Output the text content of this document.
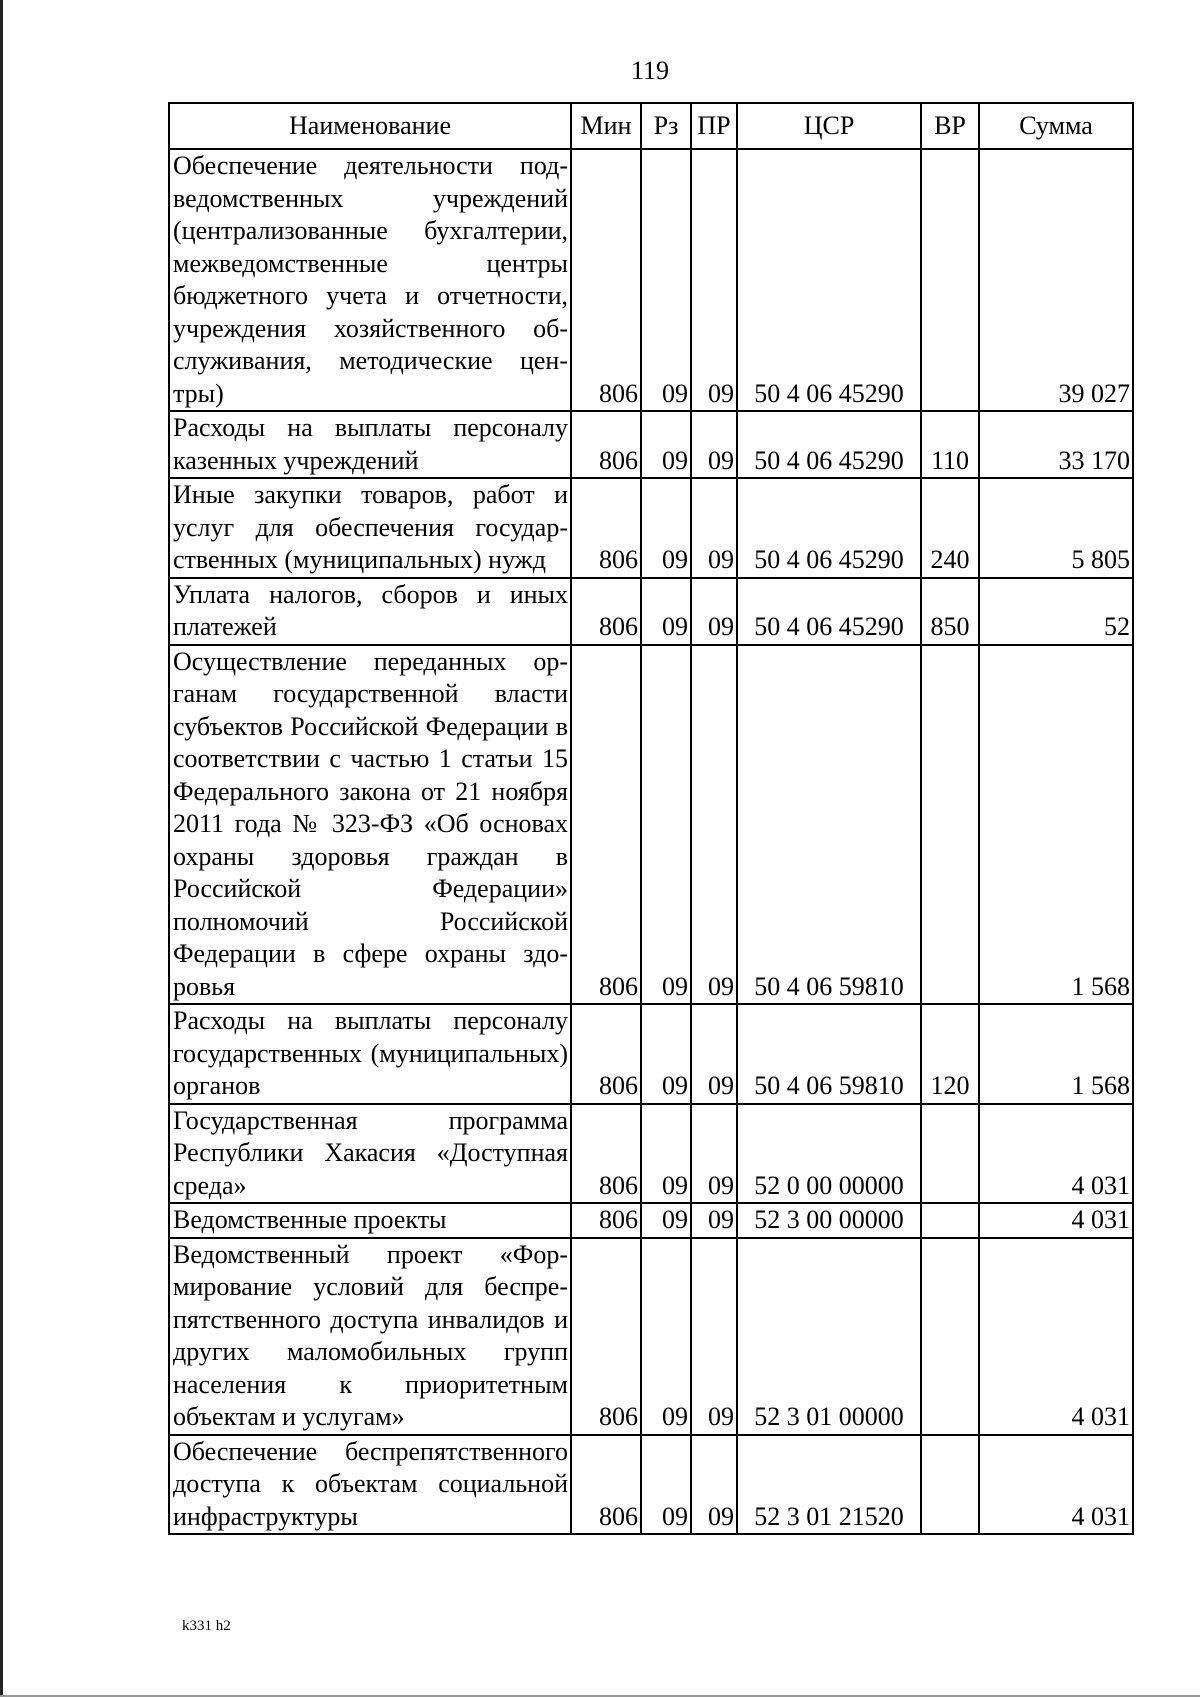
119
Наименование	Мин	Рз	ПР	ЦСР	ВР	Сумма
Обеспечение деятельности подведомственных учреждений (централизованные бухгалтерии, межведомственные центры бюджетного учета и отчетности, учреждения хозяйственного обслуживания, методические центры)	806	09	09	50 4 06 45290		39 027
Расходы на выплаты персоналу казенных учреждений	806	09	09	50 4 06 45290	110	33 170
Иные закупки товаров, работ и услуг для обеспечения государственных (муниципальных) нужд	806	09	09	50 4 06 45290	240	5 805
Уплата налогов, сборов и иных платежей	806	09	09	50 4 06 45290	850	52
Осуществление переданных органам государственной власти субъектов Российской Федерации в соответствии с частью 1 статьи 15 Федерального закона от 21 ноября 2011 года № 323-ФЗ «Об основах охраны здоровья граждан в Российской Федерации» полномочий Российской Федерации в сфере охраны здоровья	806	09	09	50 4 06 59810		1 568
Расходы на выплаты персоналу государственных (муниципальных) органов	806	09	09	50 4 06 59810	120	1 568
Государственная программа Республики Хакасия «Доступная среда»	806	09	09	52 0 00 00000		4 031
Ведомственные проекты	806	09	09	52 3 00 00000		4 031
Ведомственный проект «Формирование условий для беспрепятственного доступа инвалидов и других маломобильных групп населения к приоритетным объектам и услугам»	806	09	09	52 3 01 00000		4 031
Обеспечение беспрепятственного доступа к объектам социальной инфраструктуры	806	09	09	52 3 01 21520		4 031
k331 h2
